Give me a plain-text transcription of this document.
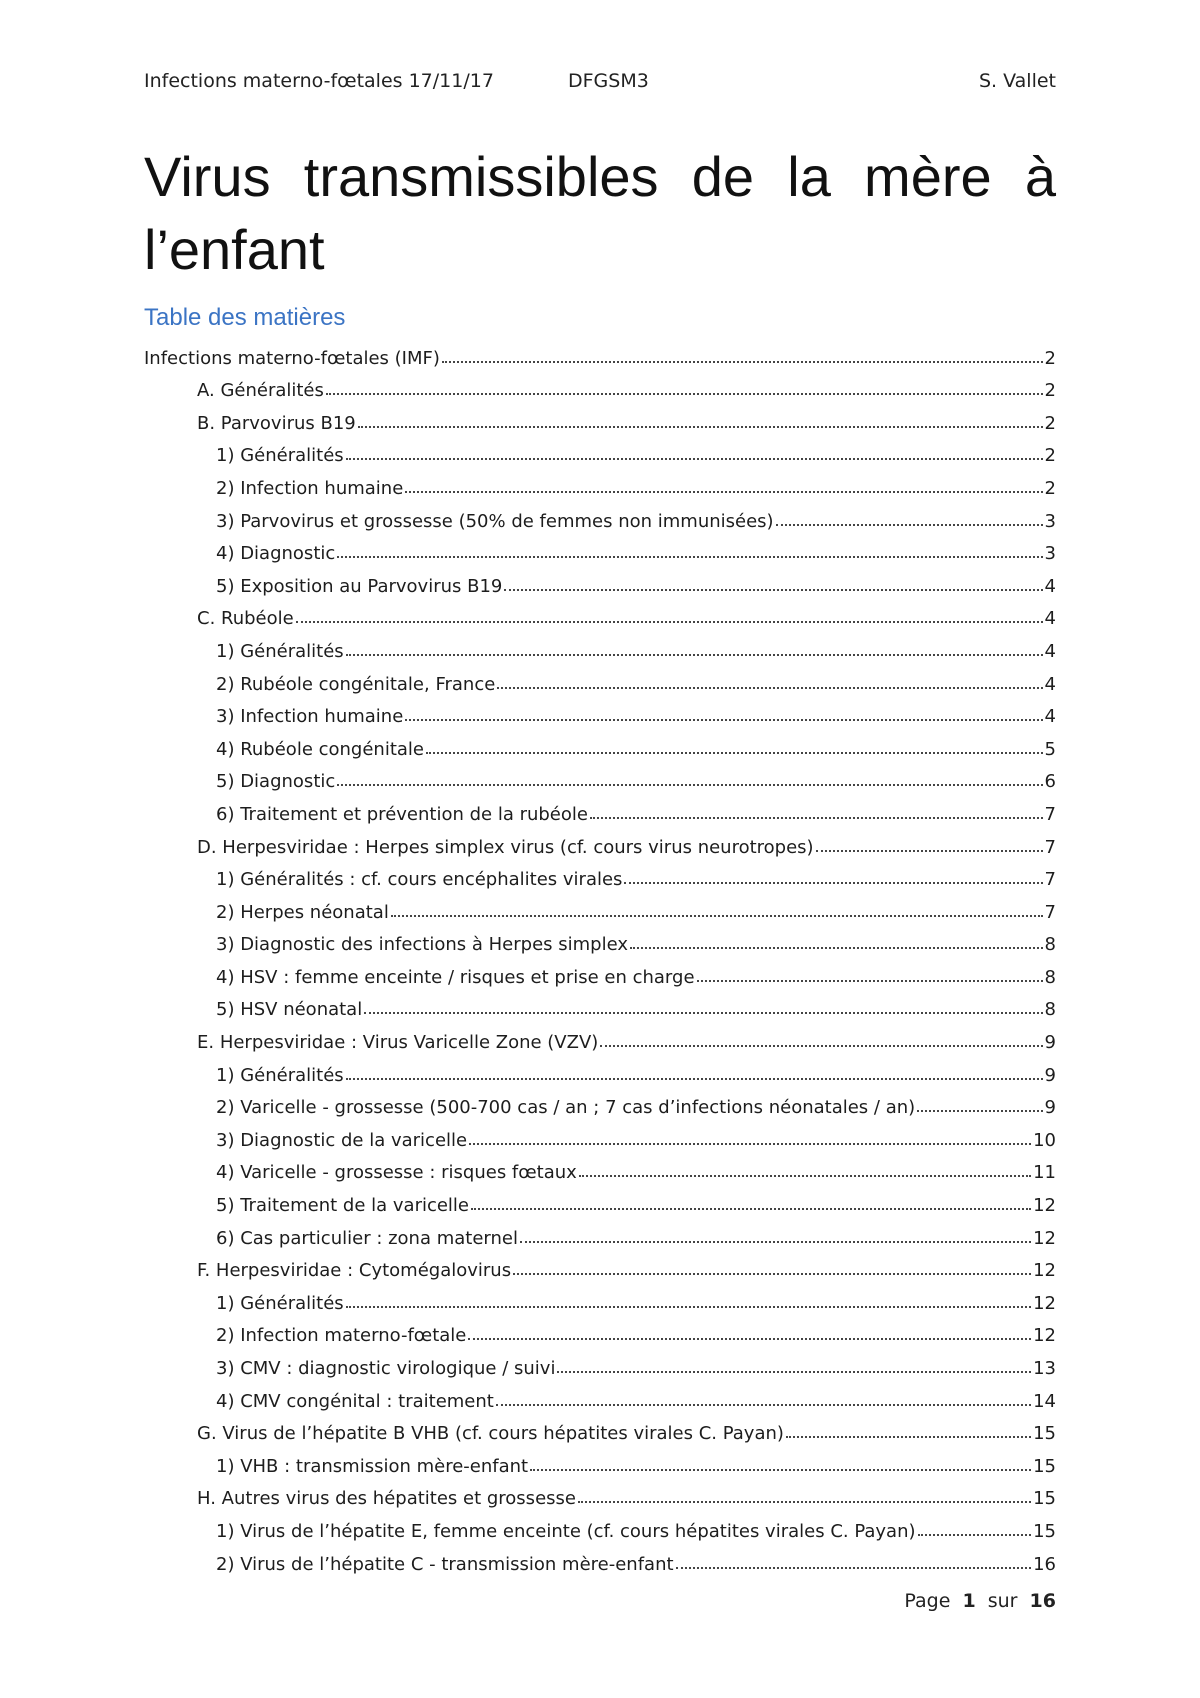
Infections materno-fœtales 17/11/17	DFGSM3	S. Vallet
Virus transmissibles de la mère à
l’enfant
Table des matières
Infections materno-fœtales (IMF)	2
A. Généralités	2
B. Parvovirus B19	2
1) Généralités	2
2) Infection humaine	2
3) Parvovirus et grossesse (50% de femmes non immunisées)	3
4) Diagnostic	3
5) Exposition au Parvovirus B19	4
C. Rubéole	4
1) Généralités	4
2) Rubéole congénitale, France	4
3) Infection humaine	4
4) Rubéole congénitale	5
5) Diagnostic	6
6) Traitement et prévention de la rubéole	7
D. Herpesviridae : Herpes simplex virus (cf. cours virus neurotropes)	7
1) Généralités : cf. cours encéphalites virales	7
2) Herpes néonatal	7
3) Diagnostic des infections à Herpes simplex	8
4) HSV : femme enceinte / risques et prise en charge	8
5) HSV néonatal	8
E. Herpesviridae : Virus Varicelle Zone (VZV)	9
1) Généralités	9
2) Varicelle - grossesse (500-700 cas / an ; 7 cas d’infections néonatales / an)	9
3) Diagnostic de la varicelle	10
4) Varicelle - grossesse : risques fœtaux	11
5) Traitement de la varicelle	12
6) Cas particulier : zona maternel	12
F. Herpesviridae : Cytomégalovirus	12
1) Généralités	12
2) Infection materno-fœtale	12
3) CMV : diagnostic virologique / suivi	13
4) CMV congénital : traitement	14
G. Virus de l’hépatite B VHB (cf. cours hépatites virales C. Payan)	15
1) VHB : transmission mère-enfant	15
H. Autres virus des hépatites et grossesse	15
1) Virus de l’hépatite E, femme enceinte (cf. cours hépatites virales C. Payan)	15
2) Virus de l’hépatite C - transmission mère-enfant	16
Page 1 sur 16
